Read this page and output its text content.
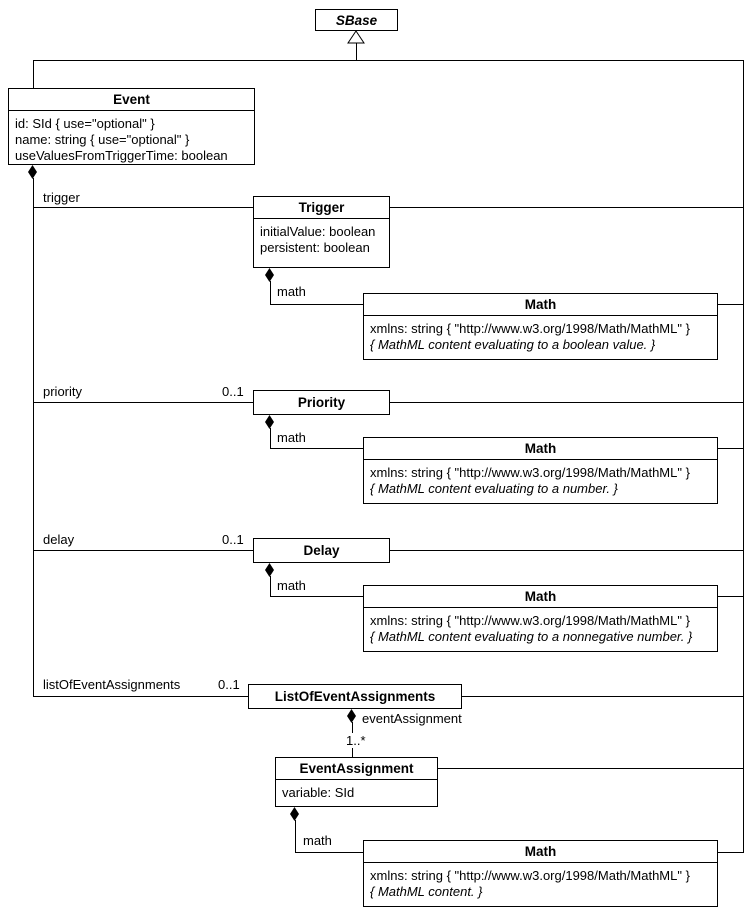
trigger
priority	0..1
delay	0..1
listOfEventAssignments	0..1
math
math
math
eventAssignment
1..*
math
SBase
Event
id: SId { use="optional" }
name: string { use="optional" }
useValuesFromTriggerTime: boolean
Trigger
initialValue: boolean
persistent: boolean
Math
xmlns: string { "http://www.w3.org/1998/Math/MathML" }
{ MathML content evaluating to a boolean value. }
Priority
Math
xmlns: string { "http://www.w3.org/1998/Math/MathML" }
{ MathML content evaluating to a number. }
Delay
Math
xmlns: string { "http://www.w3.org/1998/Math/MathML" }
{ MathML content evaluating to a nonnegative number. }
ListOfEventAssignments
EventAssignment
variable: SId
Math
xmlns: string { "http://www.w3.org/1998/Math/MathML" }
{ MathML content. }
